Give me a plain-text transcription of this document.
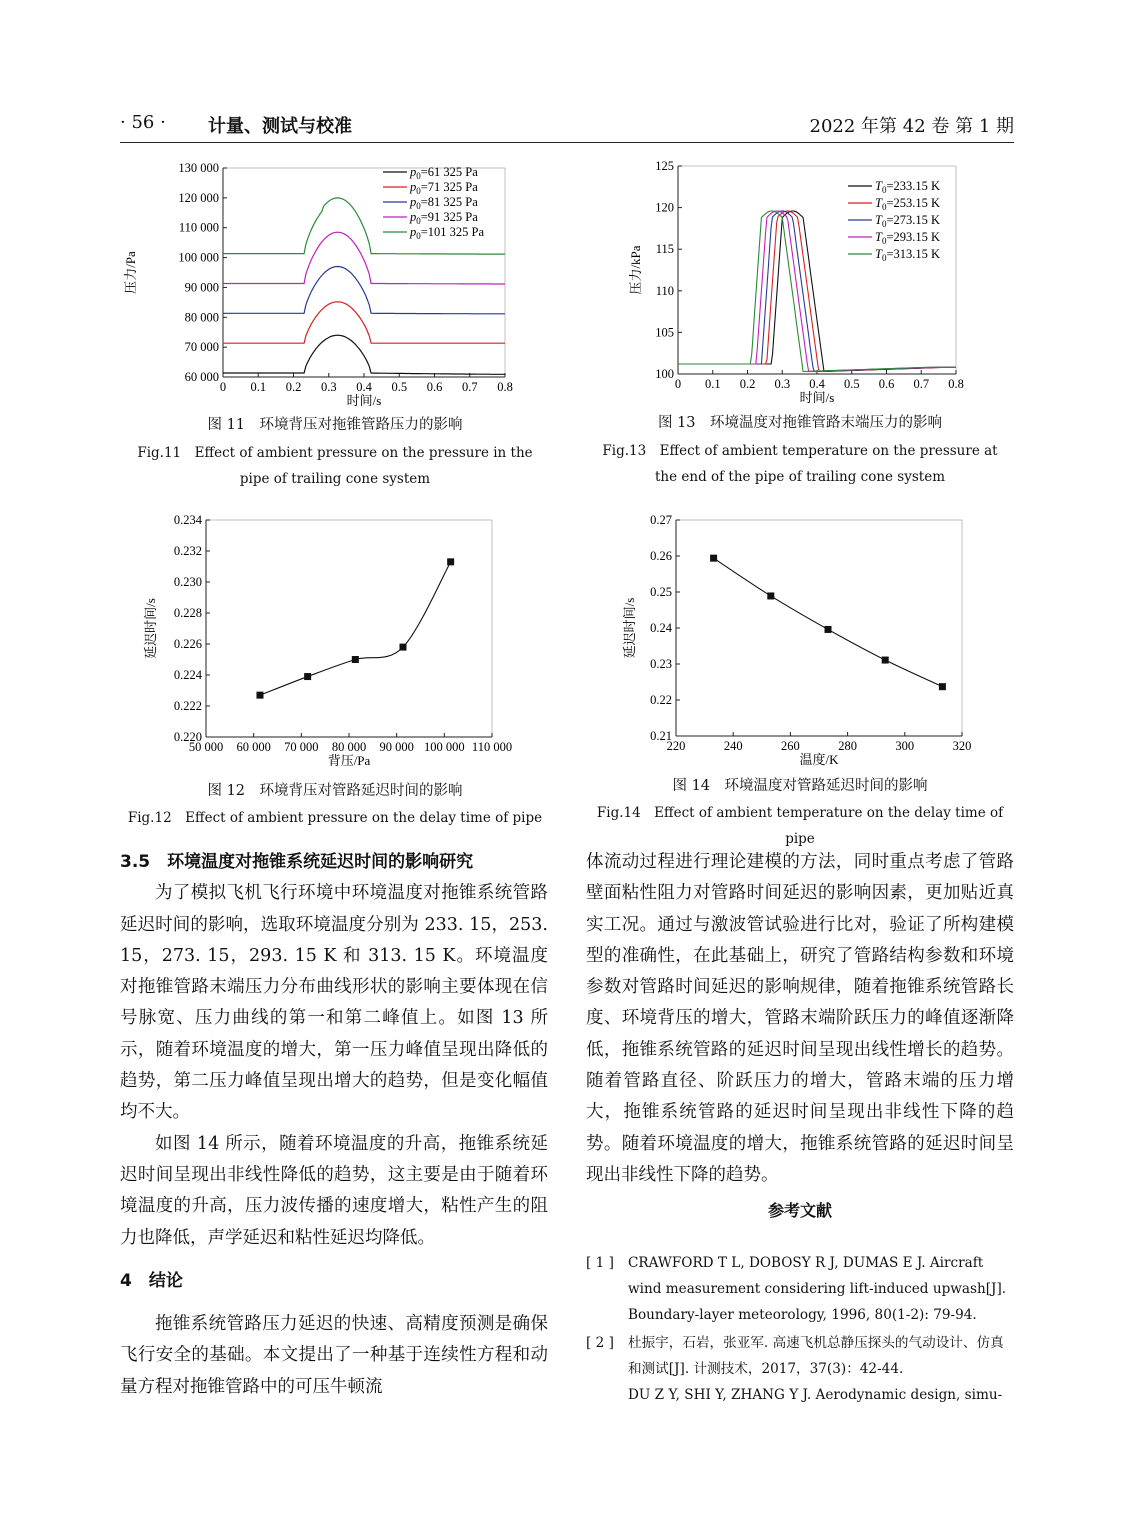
· 56 · 计量、测试与校准	2022 年第 42 卷 第 1 期
0 0.1 0.2 0.3 0.4 0.5 0.6 0.7 0.8
60 000
70 000
80 000
90 000
100 000
110 000
120 000
130 000
时间/s
压力/Pa
$p_0=61$ 325 Pa
$p_0=71$ 325 Pa
$p_0=81$ 325 Pa
$p_0=91$ 325 Pa
$p_0=101$ 325 Pa
图 11　环境背压对拖锥管路压力的影响
Fig.11　Effect of ambient pressure on the pressure in the pipe of trailing cone system
0 0.1 0.2 0.3 0.4 0.5 0.6 0.7 0.8
100
105
110
115
120
125
时间/s
压力/kPa
$T_0=233.15$ K
$T_0=253.15$ K
$T_0=273.15$ K
$T_0=293.15$ K
$T_0=313.15$ K
图 13　环境温度对拖锥管路末端压力的影响
Fig.13　Effect of ambient temperature on the pressure at the end of the pipe of trailing cone system
50 000 60 000 70 000 80 000 90 000 100 000 110 000
0.220
0.222
0.224
0.226
0.228
0.230
0.232
0.234
背压/Pa
延迟时间/s
图 12　环境背压对管路延迟时间的影响
Fig.12　Effect of ambient pressure on the delay time of pipe
220	240	260	280	300	320
0.21
0.22
0.23
0.24
0.25
0.26
0.27
温度/K
延迟时间/s
图 14　环境温度对管路延迟时间的影响
Fig.14　Effect of ambient temperature on the delay time of pipe
3.5　环境温度对拖锥系统延迟时间的影响研究
为了模拟飞机飞行环境中环境温度对拖锥系统管路延迟时间的影响，选取环境温度分别为 233. 15，253. 15，273. 15，293. 15 K 和 313. 15 K。环境温度对拖锥管路末端压力分布曲线形状的影响主要体现在信号脉宽、压力曲线的第一和第二峰值上。如图 13 所示，随着环境温度的增大，第一压力峰值呈现出降低的趋势，第二压力峰值呈现出增大的趋势，但是变化幅值均不大。
如图 14 所示，随着环境温度的升高，拖锥系统延迟时间呈现出非线性降低的趋势，这主要是由于随着环境温度的升高，压力波传播的速度增大，粘性产生的阻力也降低，声学延迟和粘性延迟均降低。
4　结论
拖锥系统管路压力延迟的快速、高精度预测是确保飞行安全的基础。本文提出了一种基于连续性方程和动量方程对拖锥管路中的可压牛顿流
体流动过程进行理论建模的方法，同时重点考虑了管路壁面粘性阻力对管路时间延迟的影响因素，更加贴近真实工况。通过与激波管试验进行比对，验证了所构建模型的准确性，在此基础上，研究了管路结构参数和环境参数对管路时间延迟的影响规律，随着拖锥系统管路长度、环境背压的增大，管路末端阶跃压力的峰值逐渐降低，拖锥系统管路的延迟时间呈现出线性增长的趋势。随着管路直径、阶跃压力的增大，管路末端的压力增大，拖锥系统管路的延迟时间呈现出非线性下降的趋势。随着环境温度的增大，拖锥系统管路的延迟时间呈现出非线性下降的趋势。
参考文献
[ 1 ]	CRAWFORD T L, DOBOSY R J, DUMAS E J. Aircraft wind measurement considering lift-induced upwash[J]. Boundary-layer meteorology, 1996, 80(1-2): 79-94.
[ 2 ]	杜振宇，石岩，张亚军. 高速飞机总静压探头的气动设计、仿真和测试[J]. 计测技术，2017，37(3)：42-44.
DU Z Y, SHI Y, ZHANG Y J. Aerodynamic design, simu-
